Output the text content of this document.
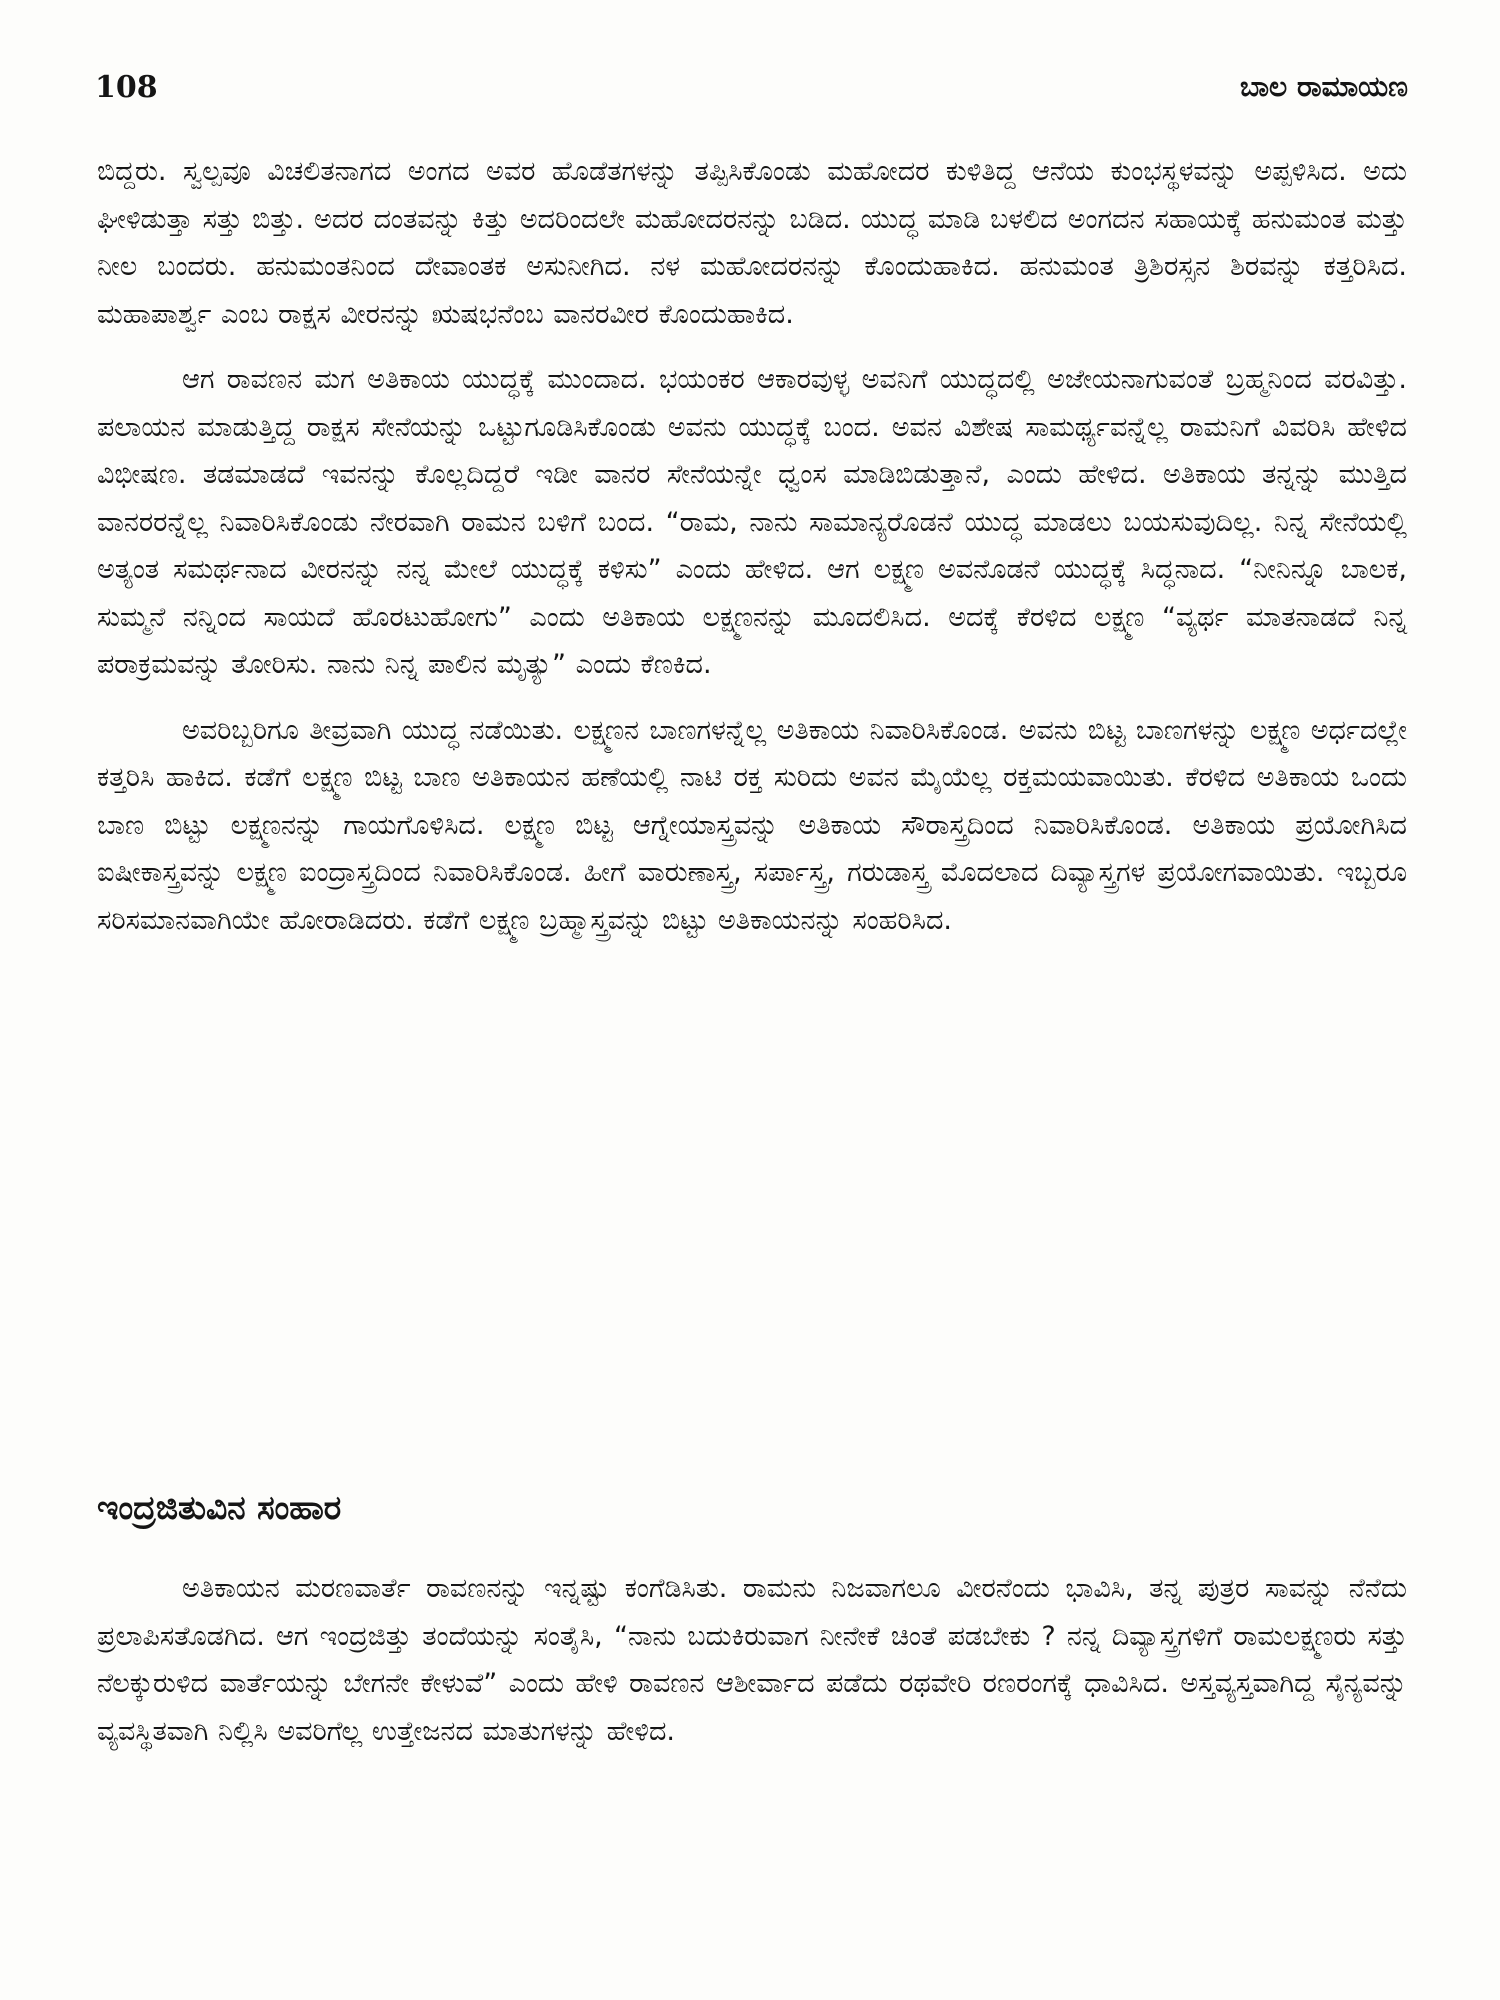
108	ಬಾಲ ರಾಮಾಯಣ

ಬಿದ್ದರು. ಸ್ವಲ್ಪವೂ ವಿಚಲಿತನಾಗದ ಅಂಗದ ಅವರ ಹೊಡೆತಗಳನ್ನು ತಪ್ಪಿಸಿಕೊಂಡು ಮಹೋದರ ಕುಳಿತಿದ್ದ ಆನೆಯ ಕುಂಭಸ್ಥಳವನ್ನು ಅಪ್ಪಳಿಸಿದ. ಅದು ಘೀಳಿಡುತ್ತಾ ಸತ್ತು ಬಿತ್ತು. ಅದರ ದಂತವನ್ನು ಕಿತ್ತು ಅದರಿಂದಲೇ ಮಹೋದರನನ್ನು ಬಡಿದ. ಯುದ್ಧ ಮಾಡಿ ಬಳಲಿದ ಅಂಗದನ ಸಹಾಯಕ್ಕೆ ಹನುಮಂತ ಮತ್ತು ನೀಲ ಬಂದರು. ಹನುಮಂತನಿಂದ ದೇವಾಂತಕ ಅಸುನೀಗಿದ. ನಳ ಮಹೋದರನನ್ನು ಕೊಂದುಹಾಕಿದ. ಹನುಮಂತ ತ್ರಿಶಿರಸ್ಸನ ಶಿರವನ್ನು ಕತ್ತರಿಸಿದ. ಮಹಾಪಾರ್ಶ್ವ ಎಂಬ ರಾಕ್ಷಸ ವೀರನನ್ನು ಋಷಭನೆಂಬ ವಾನರವೀರ ಕೊಂದುಹಾಕಿದ.

ಆಗ ರಾವಣನ ಮಗ ಅತಿಕಾಯ ಯುದ್ಧಕ್ಕೆ ಮುಂದಾದ. ಭಯಂಕರ ಆಕಾರವುಳ್ಳ ಅವನಿಗೆ ಯುದ್ಧದಲ್ಲಿ ಅಜೇಯನಾಗುವಂತೆ ಬ್ರಹ್ಮನಿಂದ ವರವಿತ್ತು. ಪಲಾಯನ ಮಾಡುತ್ತಿದ್ದ ರಾಕ್ಷಸ ಸೇನೆಯನ್ನು ಒಟ್ಟುಗೂಡಿಸಿಕೊಂಡು ಅವನು ಯುದ್ಧಕ್ಕೆ ಬಂದ. ಅವನ ವಿಶೇಷ ಸಾಮರ್ಥ್ಯವನ್ನೆಲ್ಲ ರಾಮನಿಗೆ ವಿವರಿಸಿ ಹೇಳಿದ ವಿಭೀಷಣ. ತಡಮಾಡದೆ ಇವನನ್ನು ಕೊಲ್ಲದಿದ್ದರೆ ಇಡೀ ವಾನರ ಸೇನೆಯನ್ನೇ ಧ್ವಂಸ ಮಾಡಿಬಿಡುತ್ತಾನೆ, ಎಂದು ಹೇಳಿದ. ಅತಿಕಾಯ ತನ್ನನ್ನು ಮುತ್ತಿದ ವಾನರರನ್ನೆಲ್ಲ ನಿವಾರಿಸಿಕೊಂಡು ನೇರವಾಗಿ ರಾಮನ ಬಳಿಗೆ ಬಂದ. “ರಾಮ, ನಾನು ಸಾಮಾನ್ಯರೊಡನೆ ಯುದ್ಧ ಮಾಡಲು ಬಯಸುವುದಿಲ್ಲ. ನಿನ್ನ ಸೇನೆಯಲ್ಲಿ ಅತ್ಯಂತ ಸಮರ್ಥನಾದ ವೀರನನ್ನು ನನ್ನ ಮೇಲೆ ಯುದ್ಧಕ್ಕೆ ಕಳಿಸು” ಎಂದು ಹೇಳಿದ. ಆಗ ಲಕ್ಷ್ಮಣ ಅವನೊಡನೆ ಯುದ್ಧಕ್ಕೆ ಸಿದ್ಧನಾದ. “ನೀನಿನ್ನೂ ಬಾಲಕ, ಸುಮ್ಮನೆ ನನ್ನಿಂದ ಸಾಯದೆ ಹೊರಟುಹೋಗು” ಎಂದು ಅತಿಕಾಯ ಲಕ್ಷ್ಮಣನನ್ನು ಮೂದಲಿಸಿದ. ಅದಕ್ಕೆ ಕೆರಳಿದ ಲಕ್ಷ್ಮಣ “ವ್ಯರ್ಥ ಮಾತನಾಡದೆ ನಿನ್ನ ಪರಾಕ್ರಮವನ್ನು ತೋರಿಸು. ನಾನು ನಿನ್ನ ಪಾಲಿನ ಮೃತ್ಯು” ಎಂದು ಕೆಣಕಿದ.

ಅವರಿಬ್ಬರಿಗೂ ತೀವ್ರವಾಗಿ ಯುದ್ಧ ನಡೆಯಿತು. ಲಕ್ಷ್ಮಣನ ಬಾಣಗಳನ್ನೆಲ್ಲ ಅತಿಕಾಯ ನಿವಾರಿಸಿಕೊಂಡ. ಅವನು ಬಿಟ್ಟ ಬಾಣಗಳನ್ನು ಲಕ್ಷ್ಮಣ ಅರ್ಧದಲ್ಲೇ ಕತ್ತರಿಸಿ ಹಾಕಿದ. ಕಡೆಗೆ ಲಕ್ಷ್ಮಣ ಬಿಟ್ಟ ಬಾಣ ಅತಿಕಾಯನ ಹಣೆಯಲ್ಲಿ ನಾಟಿ ರಕ್ತ ಸುರಿದು ಅವನ ಮೈಯೆಲ್ಲ ರಕ್ತಮಯವಾಯಿತು. ಕೆರಳಿದ ಅತಿಕಾಯ ಒಂದು ಬಾಣ ಬಿಟ್ಟು ಲಕ್ಷ್ಮಣನನ್ನು ಗಾಯಗೊಳಿಸಿದ. ಲಕ್ಷ್ಮಣ ಬಿಟ್ಟ ಆಗ್ನೇಯಾಸ್ತ್ರವನ್ನು ಅತಿಕಾಯ ಸೌರಾಸ್ತ್ರದಿಂದ ನಿವಾರಿಸಿಕೊಂಡ. ಅತಿಕಾಯ ಪ್ರಯೋಗಿಸಿದ ಐಷೀಕಾಸ್ತ್ರವನ್ನು ಲಕ್ಷ್ಮಣ ಐಂದ್ರಾಸ್ತ್ರದಿಂದ ನಿವಾರಿಸಿಕೊಂಡ. ಹೀಗೆ ವಾರುಣಾಸ್ತ್ರ, ಸರ್ಪಾಸ್ತ್ರ, ಗರುಡಾಸ್ತ್ರ ಮೊದಲಾದ ದಿವ್ಯಾಸ್ತ್ರಗಳ ಪ್ರಯೋಗವಾಯಿತು. ಇಬ್ಬರೂ ಸರಿಸಮಾನವಾಗಿಯೇ ಹೋರಾಡಿದರು. ಕಡೆಗೆ ಲಕ್ಷ್ಮಣ ಬ್ರಹ್ಮಾಸ್ತ್ರವನ್ನು ಬಿಟ್ಟು ಅತಿಕಾಯನನ್ನು ಸಂಹರಿಸಿದ.

ಇಂದ್ರಜಿತುವಿನ ಸಂಹಾರ

ಅತಿಕಾಯನ ಮರಣವಾರ್ತೆ ರಾವಣನನ್ನು ಇನ್ನಷ್ಟು ಕಂಗೆಡಿಸಿತು. ರಾಮನು ನಿಜವಾಗಲೂ ವೀರನೆಂದು ಭಾವಿಸಿ, ತನ್ನ ಪುತ್ರರ ಸಾವನ್ನು ನೆನೆದು ಪ್ರಲಾಪಿಸತೊಡಗಿದ. ಆಗ ಇಂದ್ರಜಿತ್ತು ತಂದೆಯನ್ನು ಸಂತೈಸಿ, “ನಾನು ಬದುಕಿರುವಾಗ ನೀನೇಕೆ ಚಿಂತೆ ಪಡಬೇಕು ? ನನ್ನ ದಿವ್ಯಾಸ್ತ್ರಗಳಿಗೆ ರಾಮಲಕ್ಷ್ಮಣರು ಸತ್ತು ನೆಲಕ್ಕುರುಳಿದ ವಾರ್ತೆಯನ್ನು ಬೇಗನೇ ಕೇಳುವೆ” ಎಂದು ಹೇಳಿ ರಾವಣನ ಆಶೀರ್ವಾದ ಪಡೆದು ರಥವೇರಿ ರಣರಂಗಕ್ಕೆ ಧಾವಿಸಿದ. ಅಸ್ತವ್ಯಸ್ತವಾಗಿದ್ದ ಸೈನ್ಯವನ್ನು ವ್ಯವಸ್ಥಿತವಾಗಿ ನಿಲ್ಲಿಸಿ ಅವರಿಗೆಲ್ಲ ಉತ್ತೇಜನದ ಮಾತುಗಳನ್ನು ಹೇಳಿದ.
